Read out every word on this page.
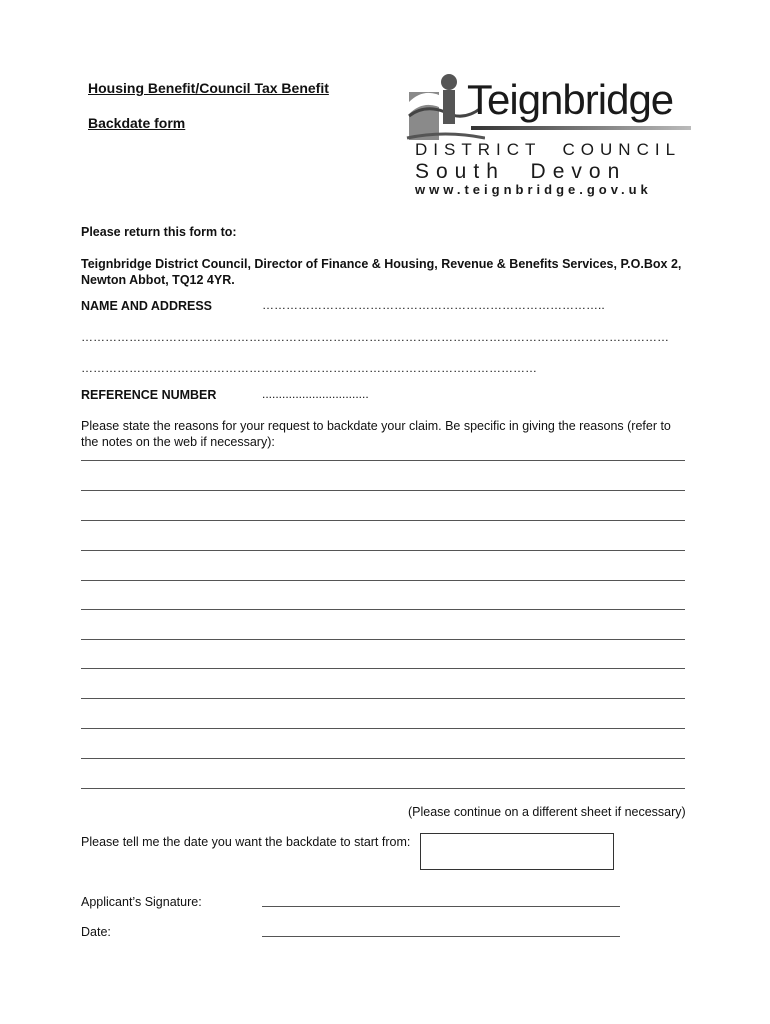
Housing Benefit/Council Tax Benefit
Backdate form	Teignbridge
DISTRICT  COUNCIL
South  Devon
www.teignbridge.gov.uk
Please return this form to:
Teignbridge District Council, Director of Finance & Housing, Revenue & Benefits Services, P.O.Box 2, Newton Abbot, TQ12 4YR.
NAME AND ADDRESS	…………………………………………………………………………..
…………………………………………………………………………………………………………………………………
……………………………………………………………………………………………………
REFERENCE NUMBER	................................
Please state the reasons for your request to backdate your claim. Be specific in giving the reasons (refer to the notes on the web if necessary):
(Please continue on a different sheet if necessary)
Please tell me the date you want the backdate to start from:
Applicant’s Signature:
Date:
